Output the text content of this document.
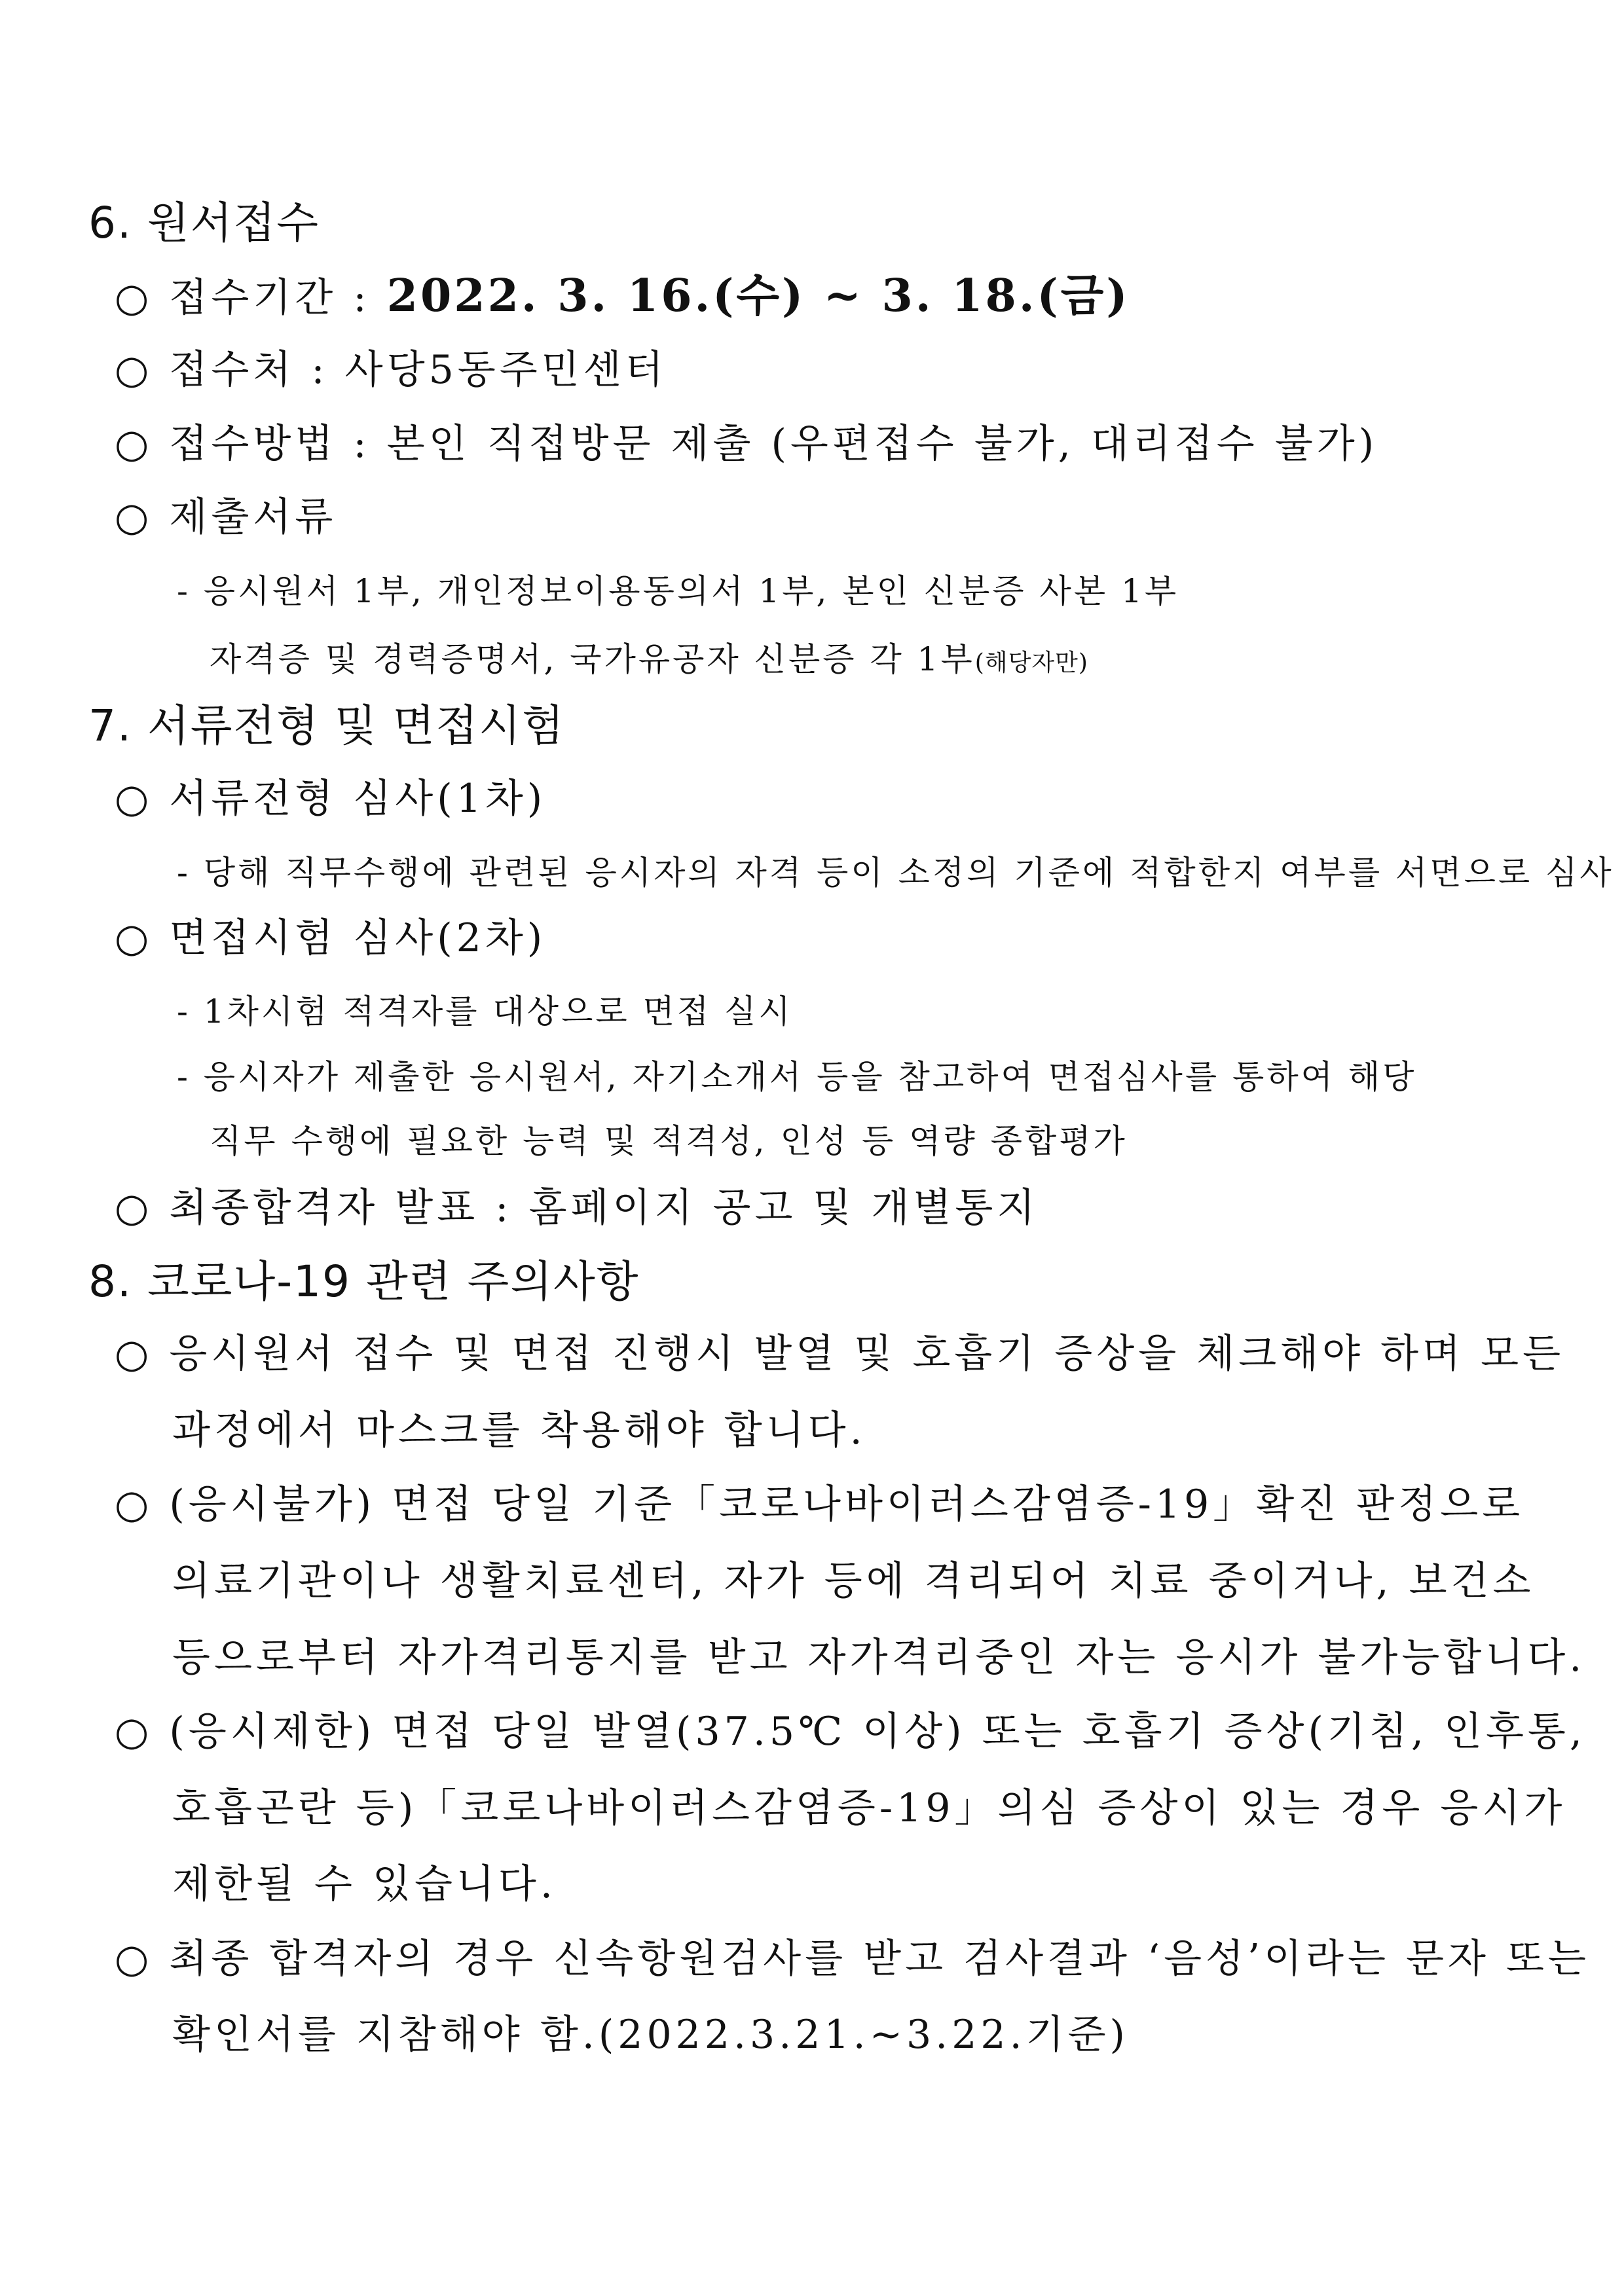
6. 원서접수
○ 접수기간 : 2022. 3. 16.(수) ~ 3. 18.(금)
○ 접수처 : 사당5동주민센터
○ 접수방법 : 본인 직접방문 제출 (우편접수 불가, 대리접수 불가)
○ 제출서류
- 응시원서 1부, 개인정보이용동의서 1부, 본인 신분증 사본 1부
자격증 및 경력증명서, 국가유공자 신분증 각 1부(해당자만)
7. 서류전형 및 면접시험
○ 서류전형 심사(1차)
- 당해 직무수행에 관련된 응시자의 자격 등이 소정의 기준에 적합한지 여부를 서면으로 심사
○ 면접시험 심사(2차)
- 1차시험 적격자를 대상으로 면접 실시
- 응시자가 제출한 응시원서, 자기소개서 등을 참고하여 면접심사를 통하여 해당
직무 수행에 필요한 능력 및 적격성, 인성 등 역량 종합평가
○ 최종합격자 발표 : 홈페이지 공고 및 개별통지
8. 코로나-19 관련 주의사항
○ 응시원서 접수 및 면접 진행시 발열 및 호흡기 증상을 체크해야 하며 모든
과정에서 마스크를 착용해야 합니다.
○ (응시불가) 면접 당일 기준「코로나바이러스감염증-19」확진 판정으로
의료기관이나 생활치료센터, 자가 등에 격리되어 치료 중이거나, 보건소
등으로부터 자가격리통지를 받고 자가격리중인 자는 응시가 불가능합니다.
○ (응시제한) 면접 당일 발열(37.5℃ 이상) 또는 호흡기 증상(기침, 인후통,
호흡곤란 등)「코로나바이러스감염증-19」의심 증상이 있는 경우 응시가
제한될 수 있습니다.
○ 최종 합격자의 경우 신속항원검사를 받고 검사결과 ‘음성’이라는 문자 또는
확인서를 지참해야 함.(2022.3.21.~3.22.기준)
